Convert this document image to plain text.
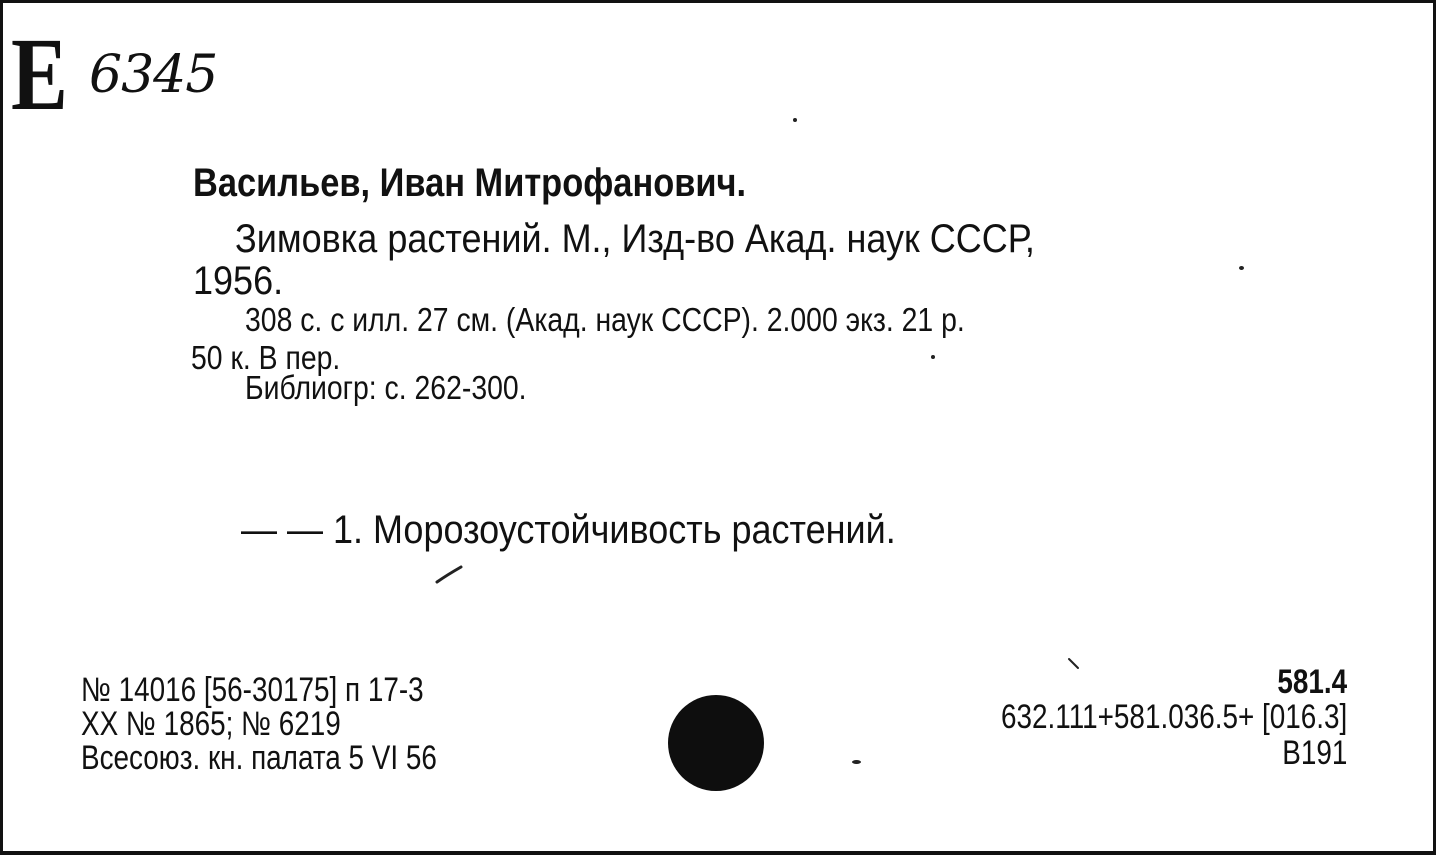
Е 6345
Васильев, Иван Митрофанович.
Зимовка растений. М., Изд-во Акад. наук СССР,
1956.
308 с. с илл. 27 см. (Акад. наук СССР). 2.000 экз. 21 р.
50 к. В пер.
Библиогр: с. 262-300.
— — 1. Морозоустойчивость растений.
№ 14016 [56-30175] п 17-3
XX № 1865; № 6219
Всесоюз. кн. палата 5 VI 56
581.4
632.111+581.036.5+ [016.3]
В191
